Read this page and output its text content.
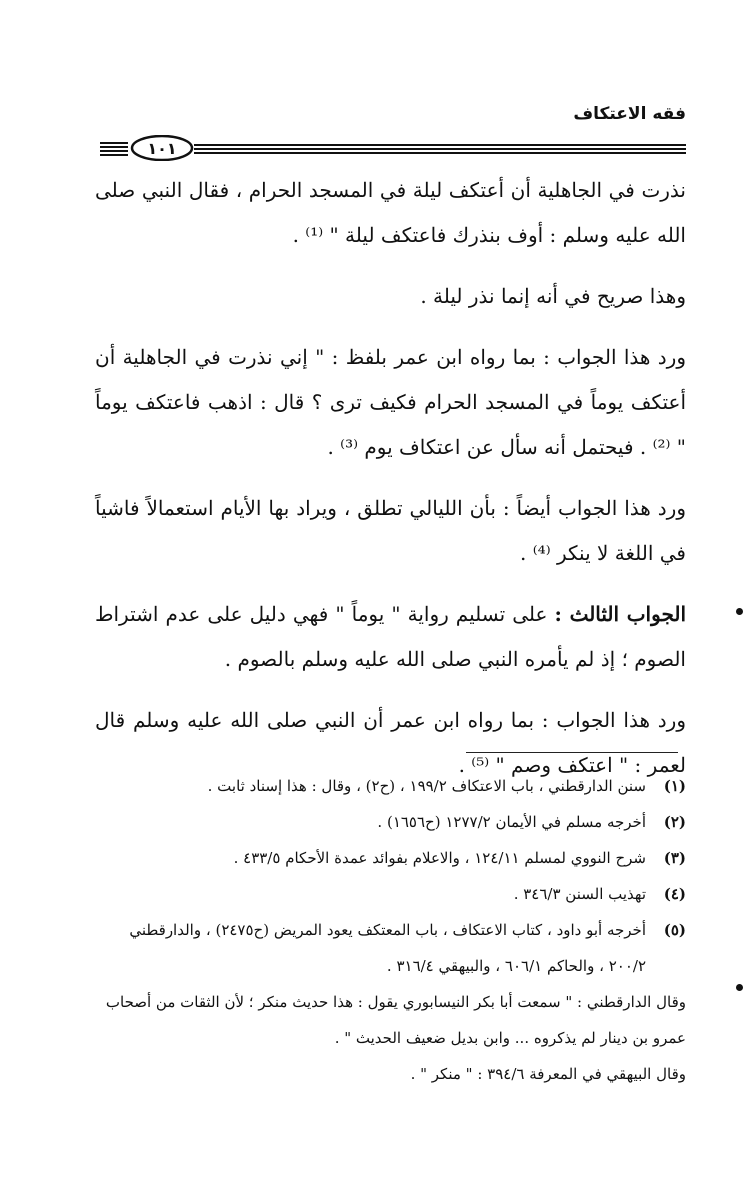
فقه الاعتكاف
١٠١

نذرت في الجاهلية أن أعتكف ليلة في المسجد الحرام ، فقال النبي صلى الله عليه وسلم : أوف بنذرك فاعتكف ليلة " ⁽¹⁾ .

وهذا صريح في أنه إنما نذر ليلة .

ورد هذا الجواب : بما رواه ابن عمر بلفظ : " إني نذرت في الجاهلية أن أعتكف يوماً في المسجد الحرام فكيف ترى ؟ قال : اذهب فاعتكف يوماً " ⁽²⁾ . فيحتمل أنه سأل عن اعتكاف يوم ⁽³⁾ .

ورد هذا الجواب أيضاً : بأن الليالي تطلق ، ويراد بها الأيام استعمالاً فاشياً في اللغة لا ينكر ⁽⁴⁾ .

الجواب الثالث : على تسليم رواية " يوماً " فهي دليل على عدم اشتراط الصوم ؛ إذ لم يأمره النبي صلى الله عليه وسلم بالصوم .

ورد هذا الجواب : بما رواه ابن عمر أن النبي صلى الله عليه وسلم قال لعمر : " اعتكف وصم " ⁽⁵⁾ .

(١)
سنن الدارقطني ، باب الاعتكاف ١٩٩/٢ ، (ح٢) ، وقال : هذا إسناد ثابت .
(٢)
أخرجه مسلم في الأيمان ١٢٧٧/٢ (ح١٦٥٦) .
(٣)
شرح النووي لمسلم ١٢٤/١١ ، والاعلام بفوائد عمدة الأحكام ٤٣٣/٥ .
(٤)
تهذيب السنن ٣٤٦/٣ .
(٥)
أخرجه أبو داود ، كتاب الاعتكاف ، باب المعتكف يعود المريض (ح٢٤٧٥) ، والدارقطني ٢٠٠/٢ ، والحاكم ٦٠٦/١ ، والبيهقي ٣١٦/٤ .

وقال الدارقطني : " سمعت أبا بكر النيسابوري يقول : هذا حديث منكر ؛ لأن الثقات من أصحاب عمرو بن دينار لم يذكروه ... وابن بديل ضعيف الحديث " .

وقال البيهقي في المعرفة ٣٩٤/٦ : " منكر " .
